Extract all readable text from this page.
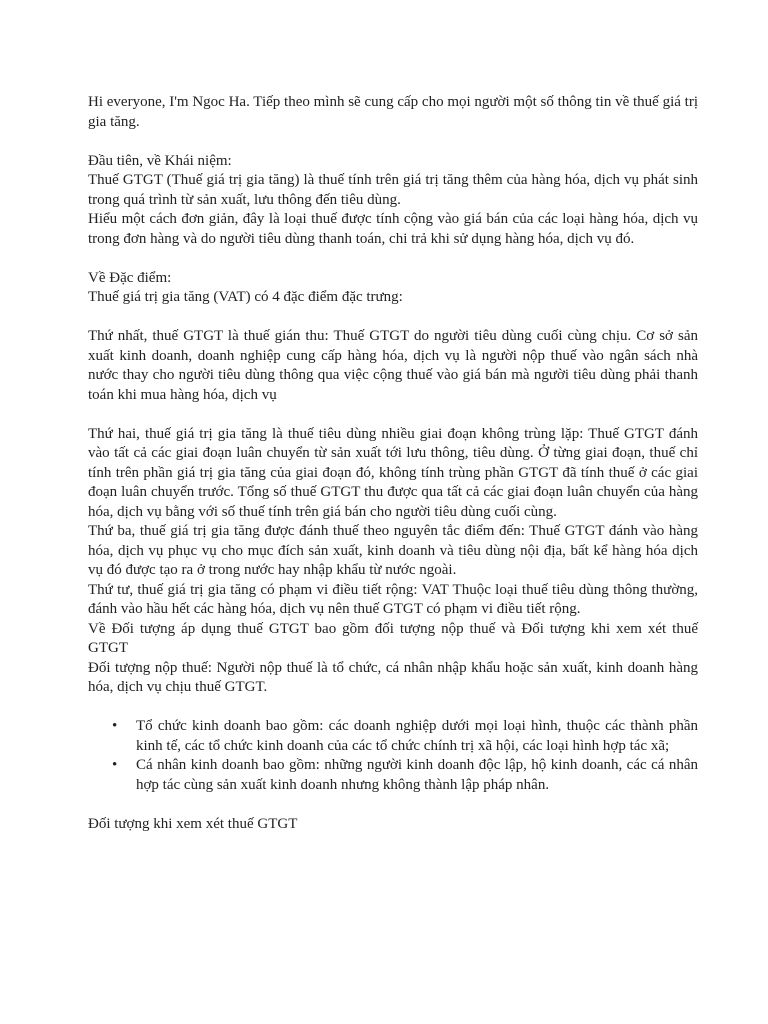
Hi everyone, I'm Ngoc Ha. Tiếp theo mình sẽ cung cấp cho mọi người một số thông tin về thuế giá trị gia tăng.

Đầu tiên, về Khái niệm:

Thuế GTGT (Thuế giá trị gia tăng) là thuế tính trên giá trị tăng thêm của hàng hóa, dịch vụ phát sinh trong quá trình từ sản xuất, lưu thông đến tiêu dùng.

Hiểu một cách đơn giản, đây là loại thuế được tính cộng vào giá bán của các loại hàng hóa, dịch vụ trong đơn hàng và do người tiêu dùng thanh toán, chi trả khi sử dụng hàng hóa, dịch vụ đó.

Về Đặc điểm:

Thuế giá trị gia tăng (VAT) có 4 đặc điểm đặc trưng:

Thứ nhất, thuế GTGT là thuế gián thu: Thuế GTGT do người tiêu dùng cuối cùng chịu. Cơ sở sản xuất kinh doanh, doanh nghiệp cung cấp hàng hóa, dịch vụ là người nộp thuế vào ngân sách nhà nước thay cho người tiêu dùng thông qua việc cộng thuế vào giá bán mà người tiêu dùng phải thanh toán khi mua hàng hóa, dịch vụ

Thứ hai, thuế giá trị gia tăng là thuế tiêu dùng nhiều giai đoạn không trùng lặp: Thuế GTGT đánh vào tất cả các giai đoạn luân chuyển từ sản xuất tới lưu thông, tiêu dùng. Ở từng giai đoạn, thuế chỉ tính trên phần giá trị gia tăng của giai đoạn đó, không tính trùng phần GTGT đã tính thuế ở các giai đoạn luân chuyển trước. Tổng số thuế GTGT thu được qua tất cả các giai đoạn luân chuyển của hàng hóa, dịch vụ bằng với số thuế tính trên giá bán cho người tiêu dùng cuối cùng.

Thứ ba, thuế giá trị gia tăng được đánh thuế theo nguyên tắc điểm đến: Thuế GTGT đánh vào hàng hóa, dịch vụ phục vụ cho mục đích sản xuất, kinh doanh và tiêu dùng nội địa, bất kể hàng hóa dịch vụ đó được tạo ra ở trong nước hay nhập khẩu từ nước ngoài.

Thứ tư, thuế giá trị gia tăng có phạm vi điều tiết rộng: VAT Thuộc loại thuế tiêu dùng thông thường, đánh vào hầu hết các hàng hóa, dịch vụ nên thuế GTGT có phạm vi điều tiết rộng.

Về Đối tượng áp dụng thuế GTGT bao gồm đối tượng nộp thuế và Đối tượng khi xem xét thuế GTGT

Đối tượng nộp thuế: Người nộp thuế là tổ chức, cá nhân nhập khẩu hoặc sản xuất, kinh doanh hàng hóa, dịch vụ chịu thuế GTGT.

• Tổ chức kinh doanh bao gồm: các doanh nghiệp dưới mọi loại hình, thuộc các thành phần kinh tế, các tổ chức kinh doanh của các tổ chức chính trị xã hội, các loại hình hợp tác xã;
• Cá nhân kinh doanh bao gồm: những người kinh doanh độc lập, hộ kinh doanh, các cá nhân hợp tác cùng sản xuất kinh doanh nhưng không thành lập pháp nhân.

Đối tượng khi xem xét thuế GTGT
